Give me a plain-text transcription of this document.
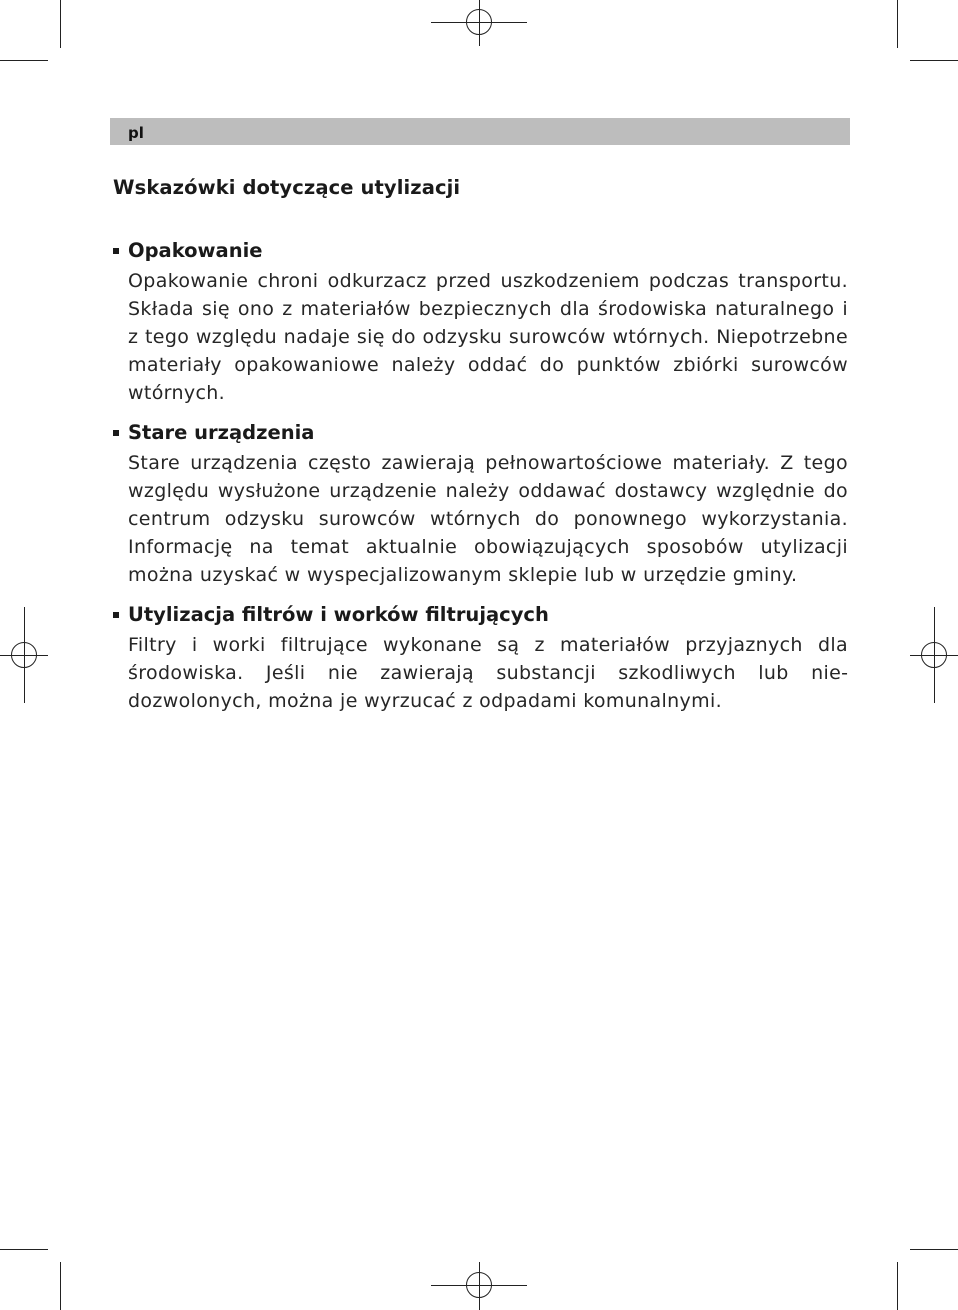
pl
Wskazówki dotyczące utylizacji
Opakowanie

Opakowanie chroni odkurzacz przed uszkodzeniem podczas transportu. Składa się ono z materiałów bezpiecznych dla środowiska naturalnego i z tego względu nadaje się do odzysku surowców wtórnych. Niepotrzebne materiały opakowaniowe należy oddać do punktów zbiórki surowców wtórnych.

Stare urządzenia

Stare urządzenia często zawierają pełnowartościowe materiały. Z tego względu wysłużone urządzenie należy oddawać dostawcy względnie do centrum odzysku surowców wtórnych do ponownego wykorzystania. Informację na temat aktualnie obowiązujących sposobów utylizacji można uzyskać w wyspecjalizowanym sklepie lub w urzędzie gminy.

Utylizacja filtrów i worków filtrujących

Filtry i worki filtrujące wykonane są z materiałów przyjaznych dla środowiska. Jeśli nie zawierają substancji szkodliwych lub niedozwolonych, można je wyrzucać z odpadami komunalnymi.
